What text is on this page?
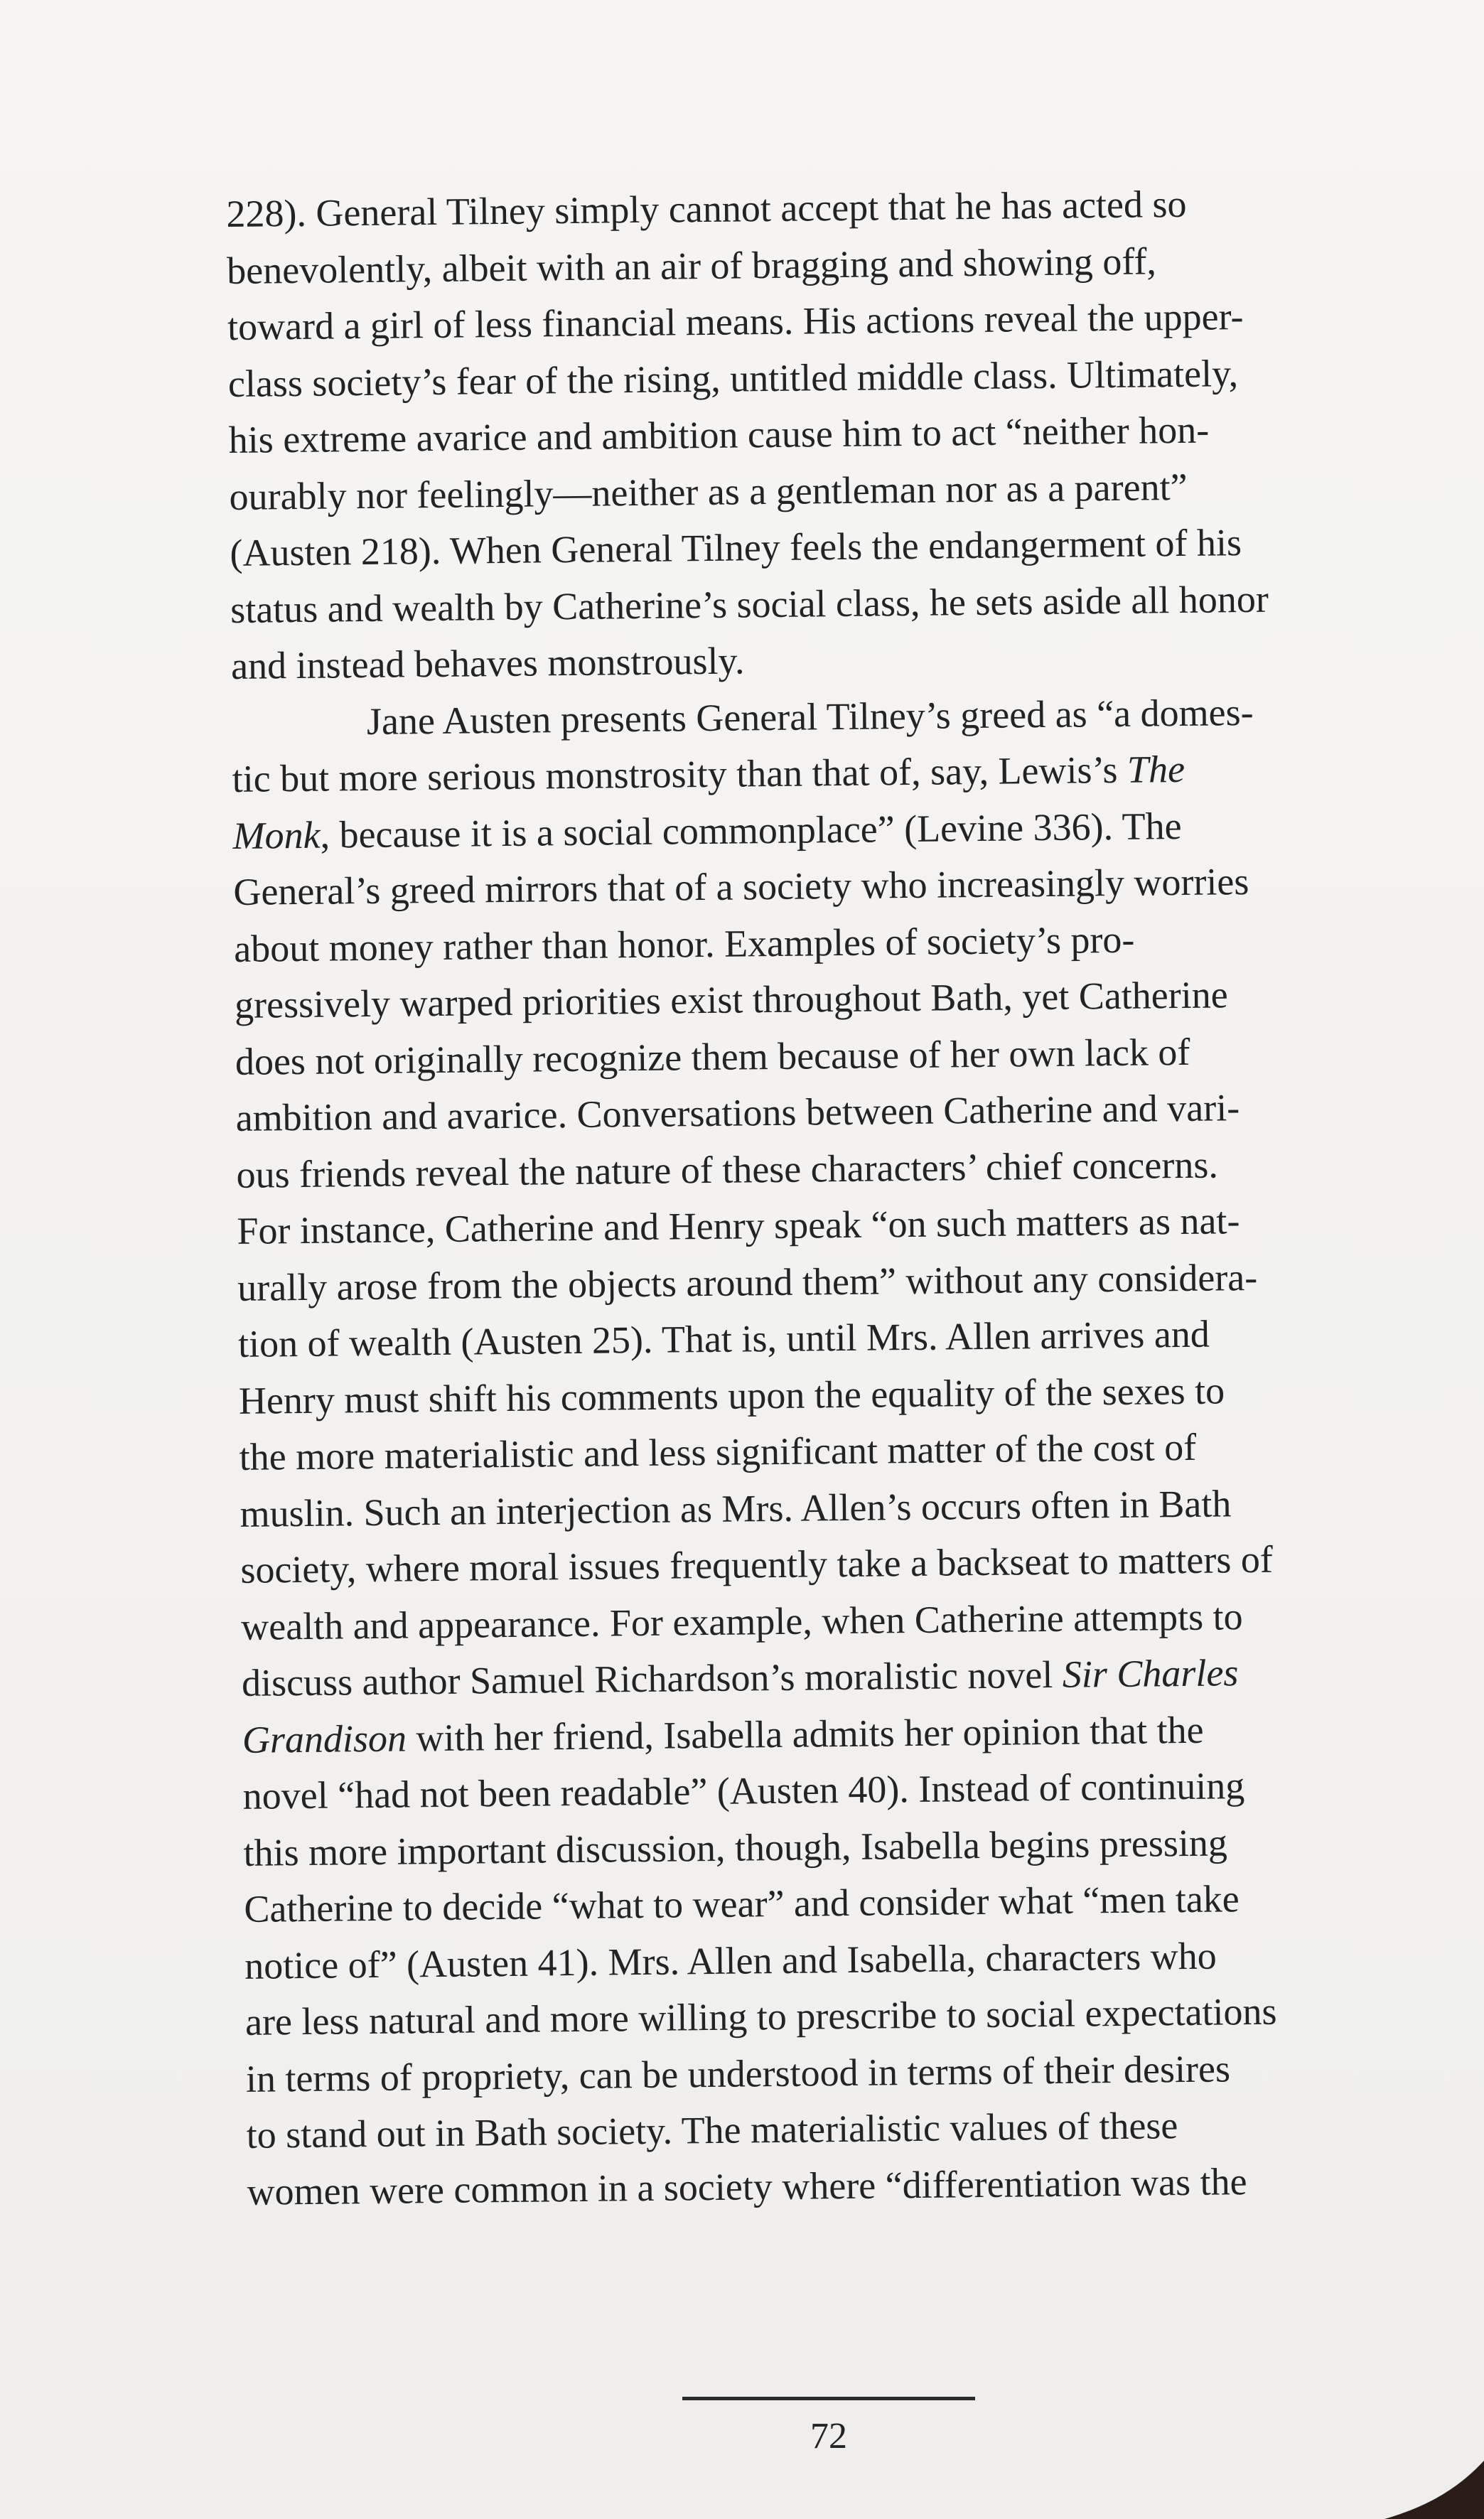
228). General Tilney simply cannot accept that he has acted so
benevolently, albeit with an air of bragging and showing off,
toward a girl of less financial means. His actions reveal the upper-
class society’s fear of the rising, untitled middle class. Ultimately,
his extreme avarice and ambition cause him to act “neither hon-
ourably nor feelingly—neither as a gentleman nor as a parent”
(Austen 218). When General Tilney feels the endangerment of his
status and wealth by Catherine’s social class, he sets aside all honor
and instead behaves monstrously.
Jane Austen presents General Tilney’s greed as “a domes-
tic but more serious monstrosity than that of, say, Lewis’s The
Monk, because it is a social commonplace” (Levine 336). The
General’s greed mirrors that of a society who increasingly worries
about money rather than honor. Examples of society’s pro-
gressively warped priorities exist throughout Bath, yet Catherine
does not originally recognize them because of her own lack of
ambition and avarice. Conversations between Catherine and vari-
ous friends reveal the nature of these characters’ chief concerns.
For instance, Catherine and Henry speak “on such matters as nat-
urally arose from the objects around them” without any considera-
tion of wealth (Austen 25). That is, until Mrs. Allen arrives and
Henry must shift his comments upon the equality of the sexes to
the more materialistic and less significant matter of the cost of
muslin. Such an interjection as Mrs. Allen’s occurs often in Bath
society, where moral issues frequently take a backseat to matters of
wealth and appearance. For example, when Catherine attempts to
discuss author Samuel Richardson’s moralistic novel Sir Charles
Grandison with her friend, Isabella admits her opinion that the
novel “had not been readable” (Austen 40). Instead of continuing
this more important discussion, though, Isabella begins pressing
Catherine to decide “what to wear” and consider what “men take
notice of” (Austen 41). Mrs. Allen and Isabella, characters who
are less natural and more willing to prescribe to social expectations
in terms of propriety, can be understood in terms of their desires
to stand out in Bath society. The materialistic values of these
women were common in a society where “differentiation was the
72
